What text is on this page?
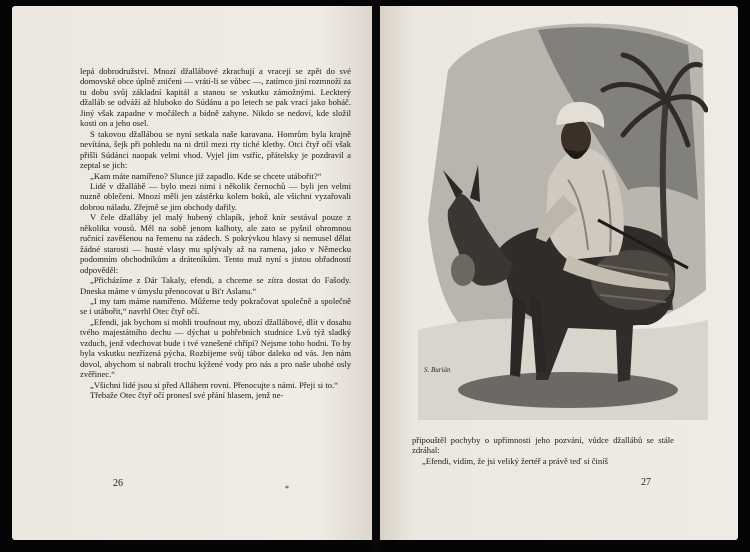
lepá dobrodružství. Mnozí džallábové zkrachují a vracejí se zpět do své domovské obce úplně zničeni — vrátí-li se vůbec —, zatímco jiní rozmnoží za tu dobu svůj základní kapitál a stanou se vskutku zámožnými. Leckterý džalláb se odváží až hluboko do Súdánu a po letech se pak vrací jako boháč. Jiný však zapadne v močálech a bídně zahyne. Nikdo se nedoví, kde složil kosti on a jeho osel.

S takovou džallábou se nyní setkala naše karavana. Homrům byla krajně nevítána, šejk při pohledu na ni drtil mezi rty tiché kletby. Otci čtyř očí však přišli Súdánci naopak velmi vhod. Vyjel jim vstříc, přátelsky je pozdravil a zeptal se jich:

„Kam máte namířeno? Slunce již zapadlo. Kde se chcete utábořit?“

Lidé v džallábě — bylo mezi nimi i několik černochů — byli jen velmi nuzně oblečeni. Mnozí měli jen zástěrku kolem boků, ale všichni vyzařovali dobrou náladu. Zřejmě se jim obchody dařily.

V čele džalláby jel malý hubený chlapík, jehož knír sestával pouze z několika vousů. Měl na sobě jenom kalhoty, ale zato se pyšnil ohromnou ručnicí zavěšenou na řemenu na zádech. S pokrývkou hlavy si nemusel dělat žádné starosti — husté vlasy mu splývaly až na ramena, jako v Německu podomním obchodníkům a dráteníkům. Tento muž nyní s jistou obřadností odpověděl:

„Přicházíme z Dár Takaly, efendi, a chceme se zítra dostat do Fašody. Dneska máme v úmyslu přenocovat u Bi'r Aslanu.“

„I my tam máme namířeno. Můžeme tedy pokračovat společně a společně se i utábořit,“ navrhl Otec čtyř očí.

„Efendi, jak bychom si mohli troufnout my, ubozí džallábové, dlít v dosahu tvého majestátního dechu — dýchat u pohřebních studnice Lvů týž sladký vzduch, jenž vdechovat bude i tvé vznešené chřípí? Nejsme toho hodni. To by byla vskutku nezřízená pýcha. Rozbijeme svůj tábor daleko od vás. Jen nám dovol, abychom si nabrali trochu kýžené vody pro nás a pro naše ubohé osly zvěřinec.“

„Všichni lidé jsou si před Alláhem rovni. Přenocujte s námi. Přeji si to.“

Třebaže Otec čtyř očí pronesl své přání hlasem, jenž ne-

26	*
S. Burián

připouštěl pochyby o upřímnosti jeho pozvání, vůdce džallábů se stále zdráhal:

„Efendi, vidím, že jsi veliký žertéř a právě teď si činíš

27
